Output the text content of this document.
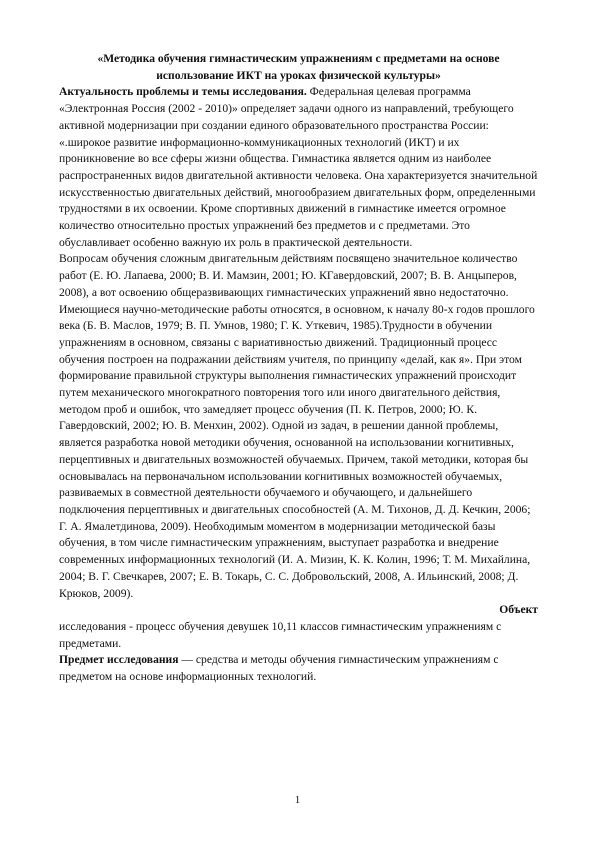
«Методика обучения гимнастическим упражнениям с предметами на основе использование ИКТ на уроках физической культуры»

Актуальность проблемы и темы исследования. Федеральная целевая программа «Электронная Россия (2002 - 2010)» определяет задачи одного из направлений, требующего активной модернизации при создании единого образовательного пространства России: «.широкое развитие информационно-коммуникационных технологий (ИКТ) и их проникновение во все сферы жизни общества. Гимнастика является одним из наиболее распространенных видов двигательной активности человека. Она характеризуется значительной искусственностью двигательных действий, многообразием двигательных форм, определенными трудностями в их освоении. Кроме спортивных движений в гимнастике имеется огромное количество относительно простых упражнений без предметов и с предметами. Это обуславливает особенно важную их роль в практической деятельности.

Вопросам обучения сложным двигательным действиям посвящено значительное количество работ (Е. Ю. Лапаева, 2000; В. И. Мамзин, 2001; Ю. КГавердовский, 2007; В. В. Анцыперов, 2008), а вот освоению общеразвивающих гимнастических упражнений явно недостаточно. Имеющиеся научно-методические работы относятся, в основном, к началу 80-х годов прошлого века (Б. В. Маслов, 1979; В. П. Умнов, 1980; Г. К. Уткевич, 1985).Трудности в обучении упражнениям в основном, связаны с вариативностью движений. Традиционный процесс обучения построен на подражании действиям учителя, по принципу «делай, как я». При этом формирование правильной структуры выполнения гимнастических упражнений происходит путем механического многократного повторения того или иного двигательного действия, методом проб и ошибок, что замедляет процесс обучения (П. К. Петров, 2000; Ю. К. Гавердовский, 2002; Ю. В. Менхин, 2002). Одной из задач, в решении данной проблемы, является разработка новой методики обучения, основанной на использовании когнитивных, перцептивных и двигательных возможностей обучаемых. Причем, такой методики, которая бы основывалась на первоначальном использовании когнитивных возможностей обучаемых, развиваемых в совместной деятельности обучаемого и обучающего, и дальнейшего подключения перцептивных и двигательных способностей (А. М. Тихонов, Д. Д. Кечкин, 2006; Г. А. Ямалетдинова, 2009). Необходимым моментом в модернизации методической базы обучения, в том числе гимнастическим упражнениям, выступает разработка и внедрение современных информационных технологий (И. А. Мизин, К. К. Колин, 1996; Т. М. Михайлина, 2004; В. Г. Свечкарев, 2007; Е. В. Токарь, С. С. Добровольский, 2008, А. Ильинский, 2008; Д. Крюков, 2009).

Объект

исследования - процесс обучения девушек 10,11 классов гимнастическим упражнениям с предметами.

Предмет исследования — средства и методы обучения гимнастическим упражнениям с предметом на основе информационных технологий.

1
